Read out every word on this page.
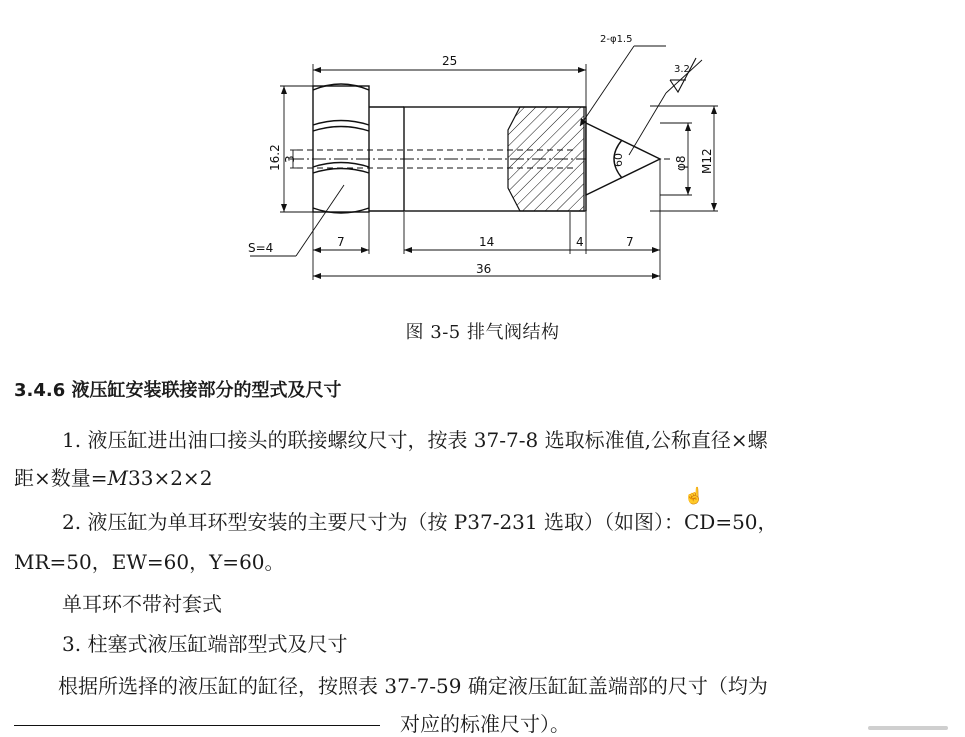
25
16.2 3
S=4	7	14	4	7
36
60	φ8 M12
2-φ1.5
3.2
图 3-5 排气阀结构
3.4.6 液压缸安装联接部分的型式及尺寸
1. 液压缸进出油口接头的联接螺纹尺寸，按表 37-7-8 选取标准值,公称直径×螺
距×数量=M33×2×2
2. 液压缸为单耳环型安装的主要尺寸为（按 P37-231 选取）（如图）：CD=50，
MR=50，EW=60，Y=60。
单耳环不带衬套式
3. 柱塞式液压缸端部型式及尺寸
根据所选择的液压缸的缸径，按照表 37-7-59 确定液压缸缸盖端部的尺寸（均为
对应的标准尺寸）。
☝
